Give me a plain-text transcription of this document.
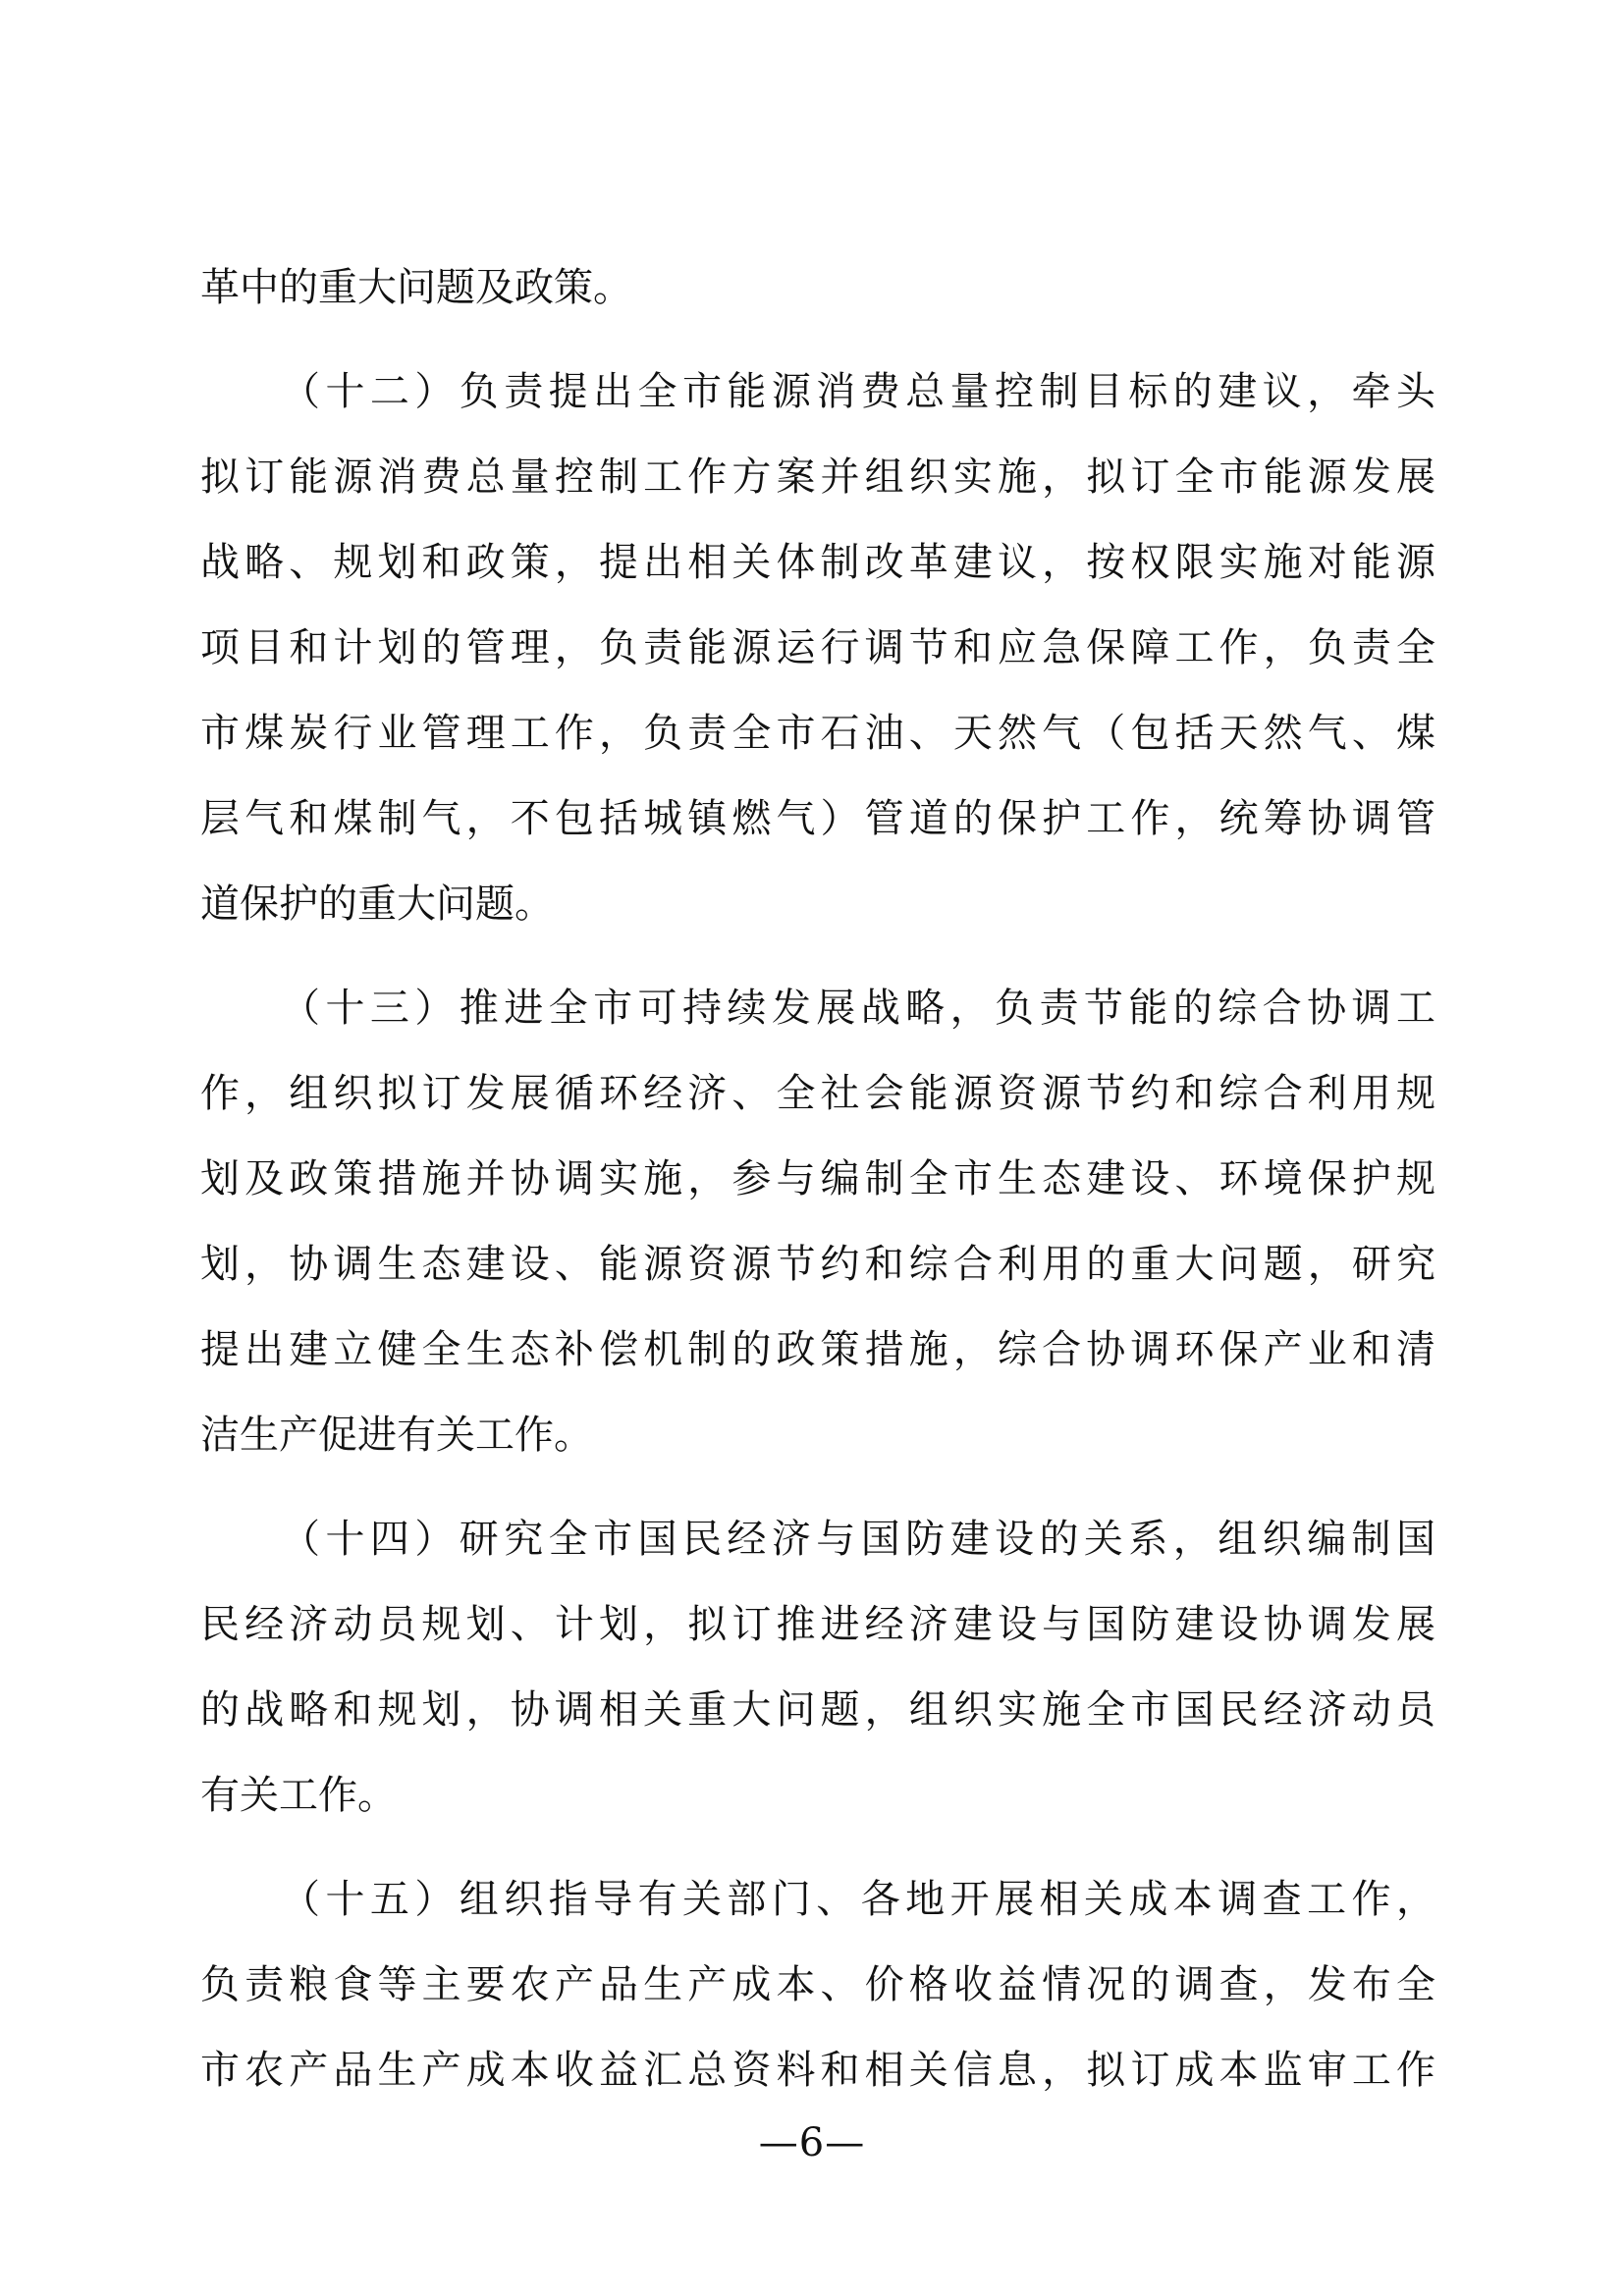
革中的重大问题及政策。
（十二）负责提出全市能源消费总量控制目标的建议，牵头
拟订能源消费总量控制工作方案并组织实施，拟订全市能源发展
战略、规划和政策，提出相关体制改革建议，按权限实施对能源
项目和计划的管理，负责能源运行调节和应急保障工作，负责全
市煤炭行业管理工作，负责全市石油、天然气（包括天然气、煤
层气和煤制气，不包括城镇燃气）管道的保护工作，统筹协调管
道保护的重大问题。
（十三）推进全市可持续发展战略，负责节能的综合协调工
作，组织拟订发展循环经济、全社会能源资源节约和综合利用规
划及政策措施并协调实施，参与编制全市生态建设、环境保护规
划，协调生态建设、能源资源节约和综合利用的重大问题，研究
提出建立健全生态补偿机制的政策措施，综合协调环保产业和清
洁生产促进有关工作。
（十四）研究全市国民经济与国防建设的关系，组织编制国
民经济动员规划、计划，拟订推进经济建设与国防建设协调发展
的战略和规划，协调相关重大问题，组织实施全市国民经济动员
有关工作。
（十五）组织指导有关部门、各地开展相关成本调查工作，
负责粮食等主要农产品生产成本、价格收益情况的调查，发布全
市农产品生产成本收益汇总资料和相关信息，拟订成本监审工作
—6—
